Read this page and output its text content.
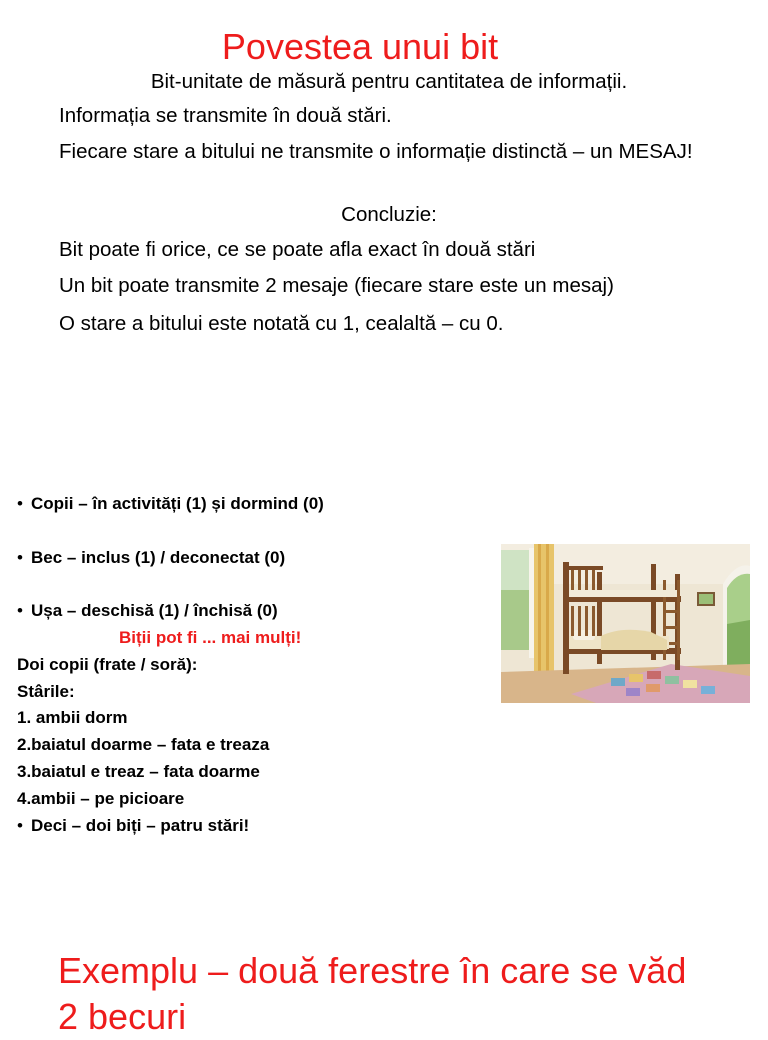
Povestea unui bit
Bit-unitate de măsură pentru cantitatea de informații.
Informația se transmite în două stări.
Fiecare stare a bitului ne transmite o informație distinctă – un MESAJ!
Concluzie:
Bit poate fi orice, ce se poate afla exact în două stări
Un bit poate transmite 2 mesaje (fiecare stare este un mesaj)
O stare a bitului este notată cu 1, cealaltă – cu 0.
• Copii – în activități (1) și dormind (0)
• Bec – inclus (1) / deconectat (0)
• Ușa – deschisă (1) / închisă (0)
Biții pot fi ... mai mulți!
Doi copii (frate / soră):
Stârile:
1. ambii dorm
2.baiatul doarme – fata e treaza
3.baiatul e treaz – fata doarme
4.ambii – pe picioare
• Deci – doi biți – patru stări!
Exemplu – două ferestre în care se văd 2 becuri
